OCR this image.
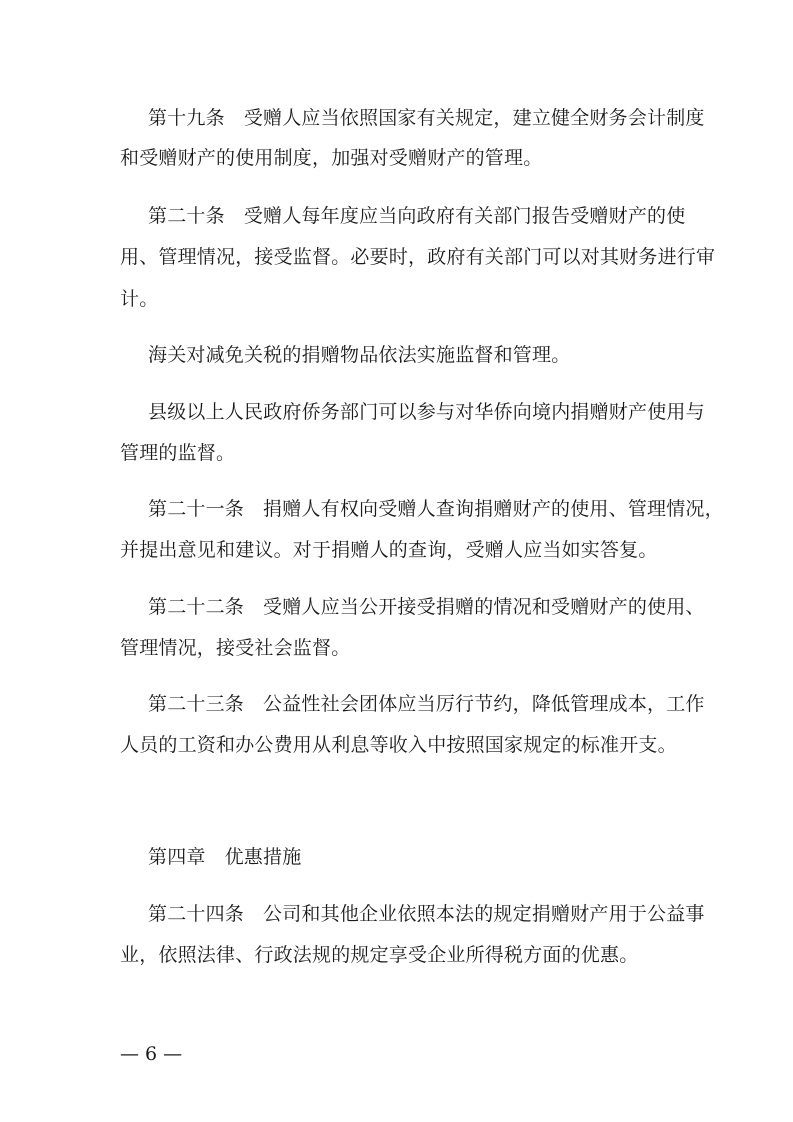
第十九条 受赠人应当依照国家有关规定，建立健全财务会计制度
和受赠财产的使用制度，加强对受赠财产的管理。
第二十条 受赠人每年度应当向政府有关部门报告受赠财产的使
用、管理情况，接受监督。必要时，政府有关部门可以对其财务进行审
计。
海关对减免关税的捐赠物品依法实施监督和管理。
县级以上人民政府侨务部门可以参与对华侨向境内捐赠财产使用与
管理的监督。
第二十一条 捐赠人有权向受赠人查询捐赠财产的使用、管理情况，
并提出意见和建议。对于捐赠人的查询，受赠人应当如实答复。
第二十二条 受赠人应当公开接受捐赠的情况和受赠财产的使用、
管理情况，接受社会监督。
第二十三条 公益性社会团体应当厉行节约，降低管理成本，工作
人员的工资和办公费用从利息等收入中按照国家规定的标准开支。
第四章 优惠措施
第二十四条 公司和其他企业依照本法的规定捐赠财产用于公益事
业，依照法律、行政法规的规定享受企业所得税方面的优惠。
— 6 —
